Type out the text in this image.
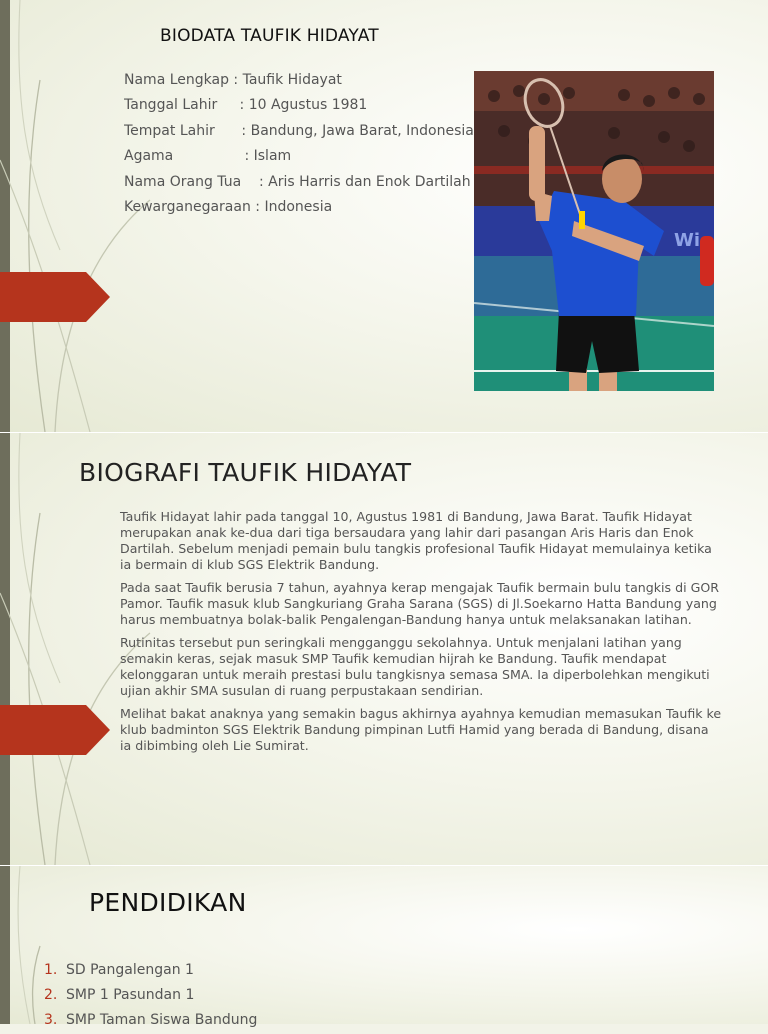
BIODATA TAUFIK HIDAYAT
Nama Lengkap : Taufik Hidayat
Tanggal Lahir     : 10 Agustus 1981
Tempat Lahir      : Bandung, Jawa Barat, Indonesia
Agama                : Islam
Nama Orang Tua    : Aris Harris dan Enok Dartilah
Kewarganegaraan : Indonesia
Wi
BIOGRAFI TAUFIK HIDAYAT

Taufik Hidayat lahir pada tanggal 10, Agustus 1981 di Bandung, Jawa Barat. Taufik Hidayat merupakan anak ke-dua dari tiga bersaudara yang lahir dari pasangan Aris Haris dan Enok Dartilah. Sebelum menjadi pemain bulu tangkis profesional Taufik Hidayat memulainya ketika ia bermain di klub SGS Elektrik Bandung.

Pada saat Taufik berusia 7 tahun, ayahnya kerap mengajak Taufik bermain bulu tangkis di GOR Pamor. Taufik masuk klub Sangkuriang Graha Sarana (SGS) di Jl.Soekarno Hatta Bandung yang harus membuatnya bolak-balik Pengalengan-Bandung hanya untuk melaksanakan latihan.

Rutinitas tersebut pun seringkali mengganggu sekolahnya. Untuk menjalani latihan yang semakin keras, sejak masuk SMP Taufik kemudian hijrah ke Bandung. Taufik mendapat kelonggaran untuk meraih prestasi bulu tangkisnya semasa SMA. Ia diperbolehkan mengikuti ujian akhir SMA susulan di ruang perpustakaan sendirian.

Melihat bakat anaknya yang semakin bagus akhirnya ayahnya kemudian memasukan Taufik ke klub badminton SGS Elektrik Bandung pimpinan Lutfi Hamid yang berada di Bandung, disana ia dibimbing oleh Lie Sumirat.

PENDIDIKAN
1. SD Pangalengan 1
2. SMP 1 Pasundan 1
3. SMP Taman Siswa Bandung
